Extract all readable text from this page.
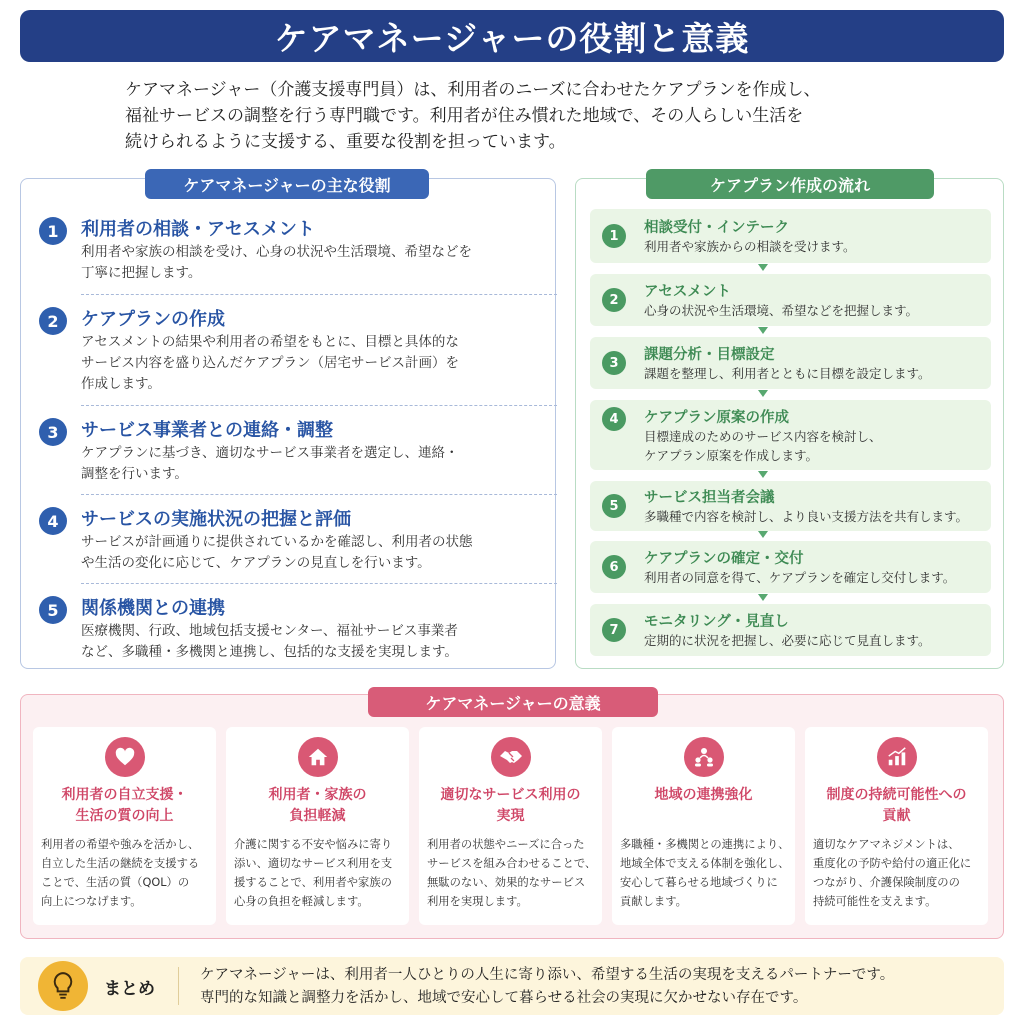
ケアマネージャーの役割と意義
ケアマネージャー（介護支援専門員）は、利用者のニーズに合わせたケアプランを作成し、
福祉サービスの調整を行う専門職です。利用者が住み慣れた地域で、その人らしい生活を
続けられるように支援する、重要な役割を担っています。
ケアマネージャーの主な役割
1	利用者の相談・アセスメント
利用者や家族の相談を受け、心身の状況や生活環境、希望などを
丁寧に把握します。
2	ケアプランの作成
アセスメントの結果や利用者の希望をもとに、目標と具体的な
サービス内容を盛り込んだケアプラン（居宅サービス計画）を
作成します。
3	サービス事業者との連絡・調整
ケアプランに基づき、適切なサービス事業者を選定し、連絡・
調整を行います。
4	サービスの実施状況の把握と評価
サービスが計画通りに提供されているかを確認し、利用者の状態
や生活の変化に応じて、ケアプランの見直しを行います。
5	関係機関との連携
医療機関、行政、地域包括支援センター、福祉サービス事業者
など、多職種・多機関と連携し、包括的な支援を実現します。
ケアプラン作成の流れ
1	相談受付・インテーク
利用者や家族からの相談を受けます。
2	アセスメント
心身の状況や生活環境、希望などを把握します。
3	課題分析・目標設定
課題を整理し、利用者とともに目標を設定します。
4	ケアプラン原案の作成
目標達成のためのサービス内容を検討し、
ケアプラン原案を作成します。
5	サービス担当者会議
多職種で内容を検討し、より良い支援方法を共有します。
6	ケアプランの確定・交付
利用者の同意を得て、ケアプランを確定し交付します。
7	モニタリング・見直し
定期的に状況を把握し、必要に応じて見直します。
ケアマネージャーの意義
利用者の自立支援・
生活の質の向上
利用者の希望や強みを活かし、
自立した生活の継続を支援する
ことで、生活の質（QOL）の
向上につなげます。
利用者・家族の
負担軽減
介護に関する不安や悩みに寄り
添い、適切なサービス利用を支
援することで、利用者や家族の
心身の負担を軽減します。
適切なサービス利用の
実現
利用者の状態やニーズに合った
サービスを組み合わせることで、
無駄のない、効果的なサービス
利用を実現します。
地域の連携強化
多職種・多機関との連携により、
地域全体で支える体制を強化し、
安心して暮らせる地域づくりに
貢献します。
制度の持続可能性への
貢献
適切なケアマネジメントは、
重度化の予防や給付の適正化に
つながり、介護保険制度のの
持続可能性を支えます。
まとめ
ケアマネージャーは、利用者一人ひとりの人生に寄り添い、希望する生活の実現を支えるパートナーです。
専門的な知識と調整力を活かし、地域で安心して暮らせる社会の実現に欠かせない存在です。
